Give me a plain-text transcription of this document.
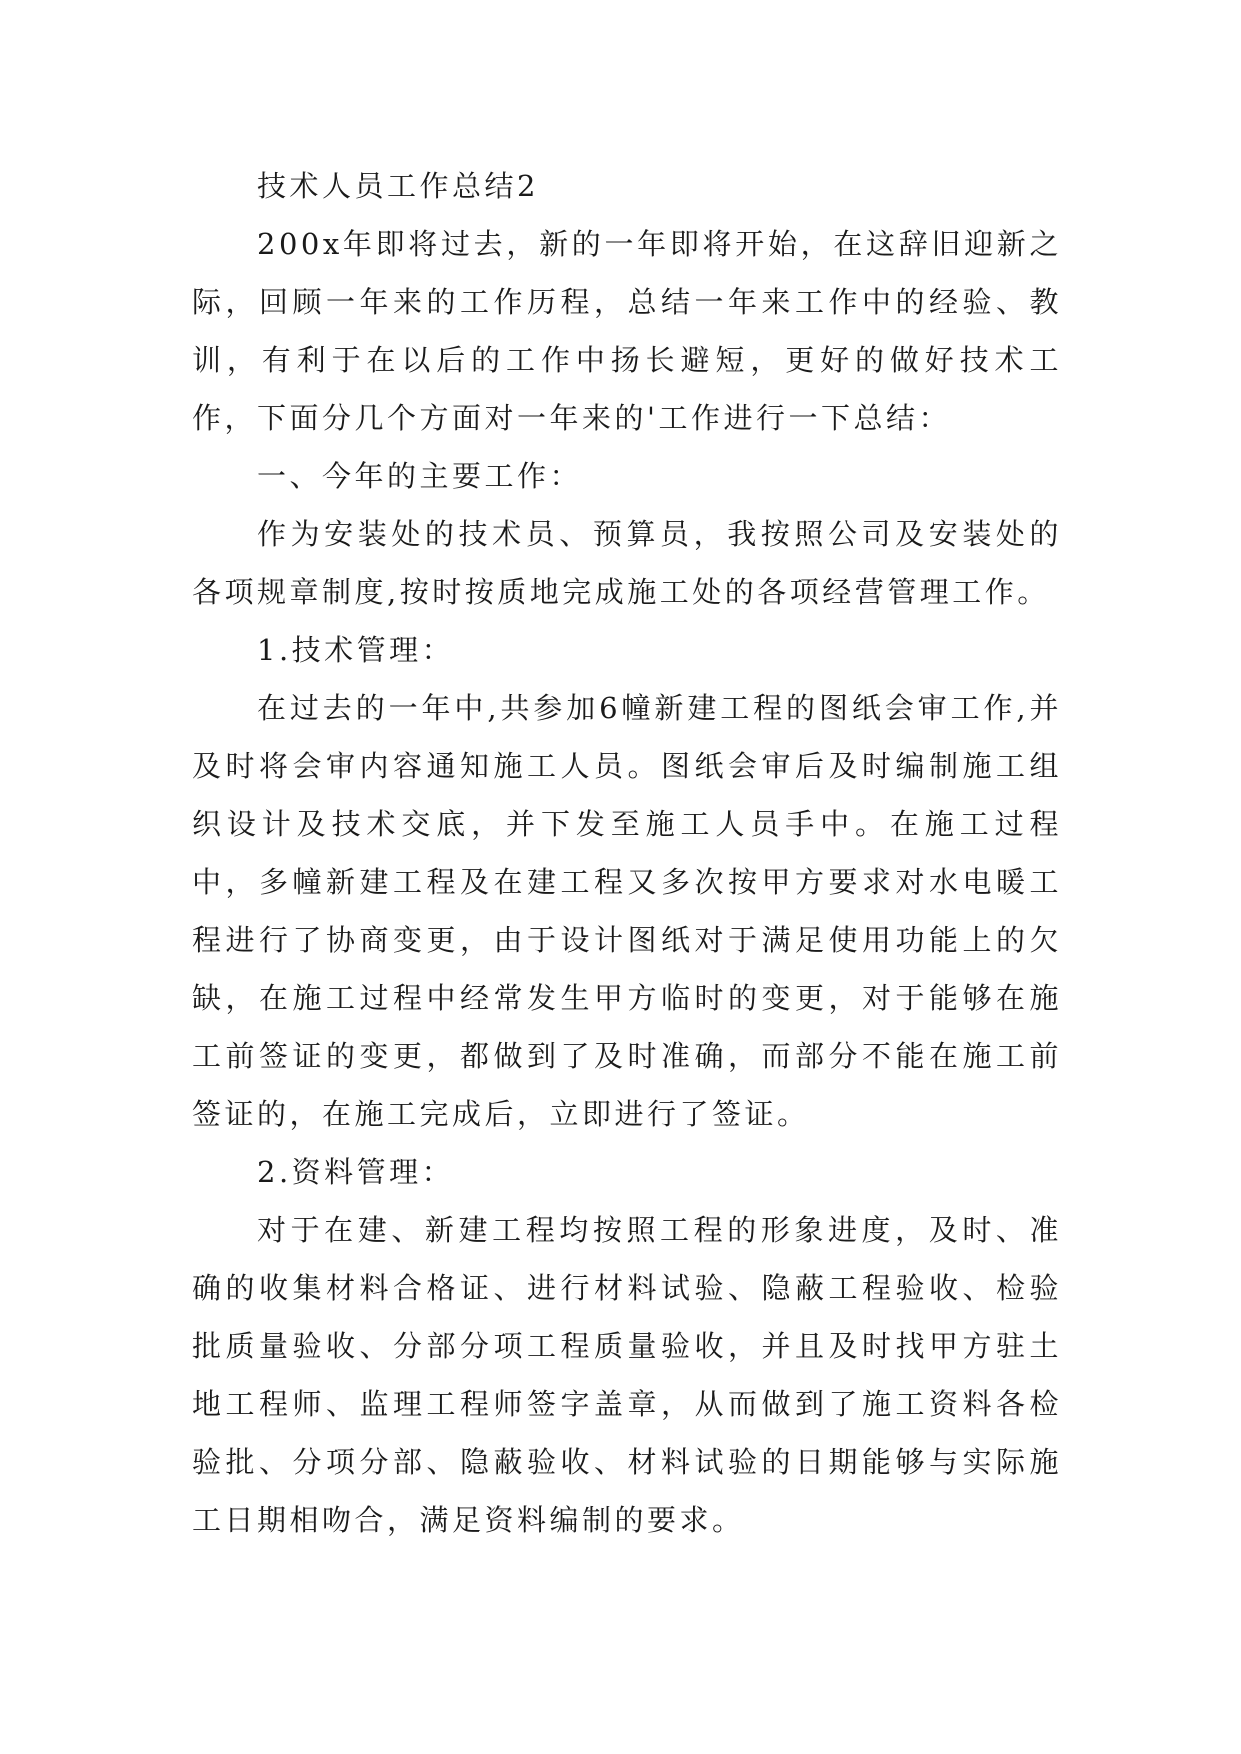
技术人员工作总结2

200x年即将过去，新的一年即将开始，在这辞旧迎新之际，回顾一年来的工作历程，总结一年来工作中的经验、教训，有利于在以后的工作中扬长避短，更好的做好技术工作，下面分几个方面对一年来的'工作进行一下总结：

一、今年的主要工作：

作为安装处的技术员、预算员，我按照公司及安装处的各项规章制度,按时按质地完成施工处的各项经营管理工作。

1.技术管理：

在过去的一年中,共参加6幢新建工程的图纸会审工作,并及时将会审内容通知施工人员。图纸会审后及时编制施工组织设计及技术交底，并下发至施工人员手中。在施工过程中，多幢新建工程及在建工程又多次按甲方要求对水电暖工程进行了协商变更，由于设计图纸对于满足使用功能上的欠缺，在施工过程中经常发生甲方临时的变更，对于能够在施工前签证的变更，都做到了及时准确，而部分不能在施工前签证的，在施工完成后，立即进行了签证。

2.资料管理：

对于在建、新建工程均按照工程的形象进度，及时、准确的收集材料合格证、进行材料试验、隐蔽工程验收、检验批质量验收、分部分项工程质量验收，并且及时找甲方驻土地工程师、监理工程师签字盖章，从而做到了施工资料各检验批、分项分部、隐蔽验收、材料试验的日期能够与实际施工日期相吻合，满足资料编制的要求。
